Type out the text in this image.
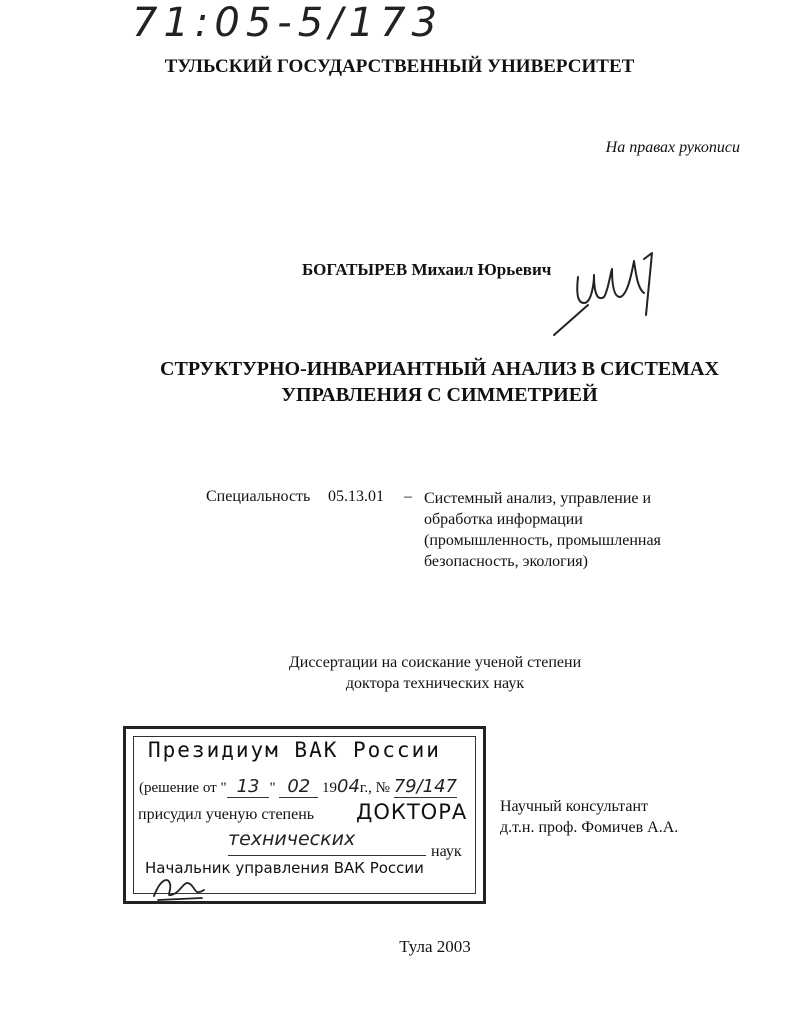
71:05-5/173
ТУЛЬСКИЙ ГОСУДАРСТВЕННЫЙ УНИВЕРСИТЕТ
На правах рукописи
БОГАТЫРЕВ Михаил Юрьевич
СТРУКТУРНО-ИНВАРИАНТНЫЙ АНАЛИЗ В СИСТЕМАХ
УПРАВЛЕНИЯ С СИММЕТРИЕЙ
Специальность 05.13.01 – Системный анализ, управление и
обработка информации
(промышленность, промышленная
безопасность, экология)
Диссертации на соискание ученой степени
доктора технических наук
Президиум ВАК России
(решение от " 13 " 02 1904г., № 79/147
присудил ученую степень ДОКТОРА
технических
наук
Начальник управления ВАК России
Научный консультант
д.т.н. проф. Фомичев А.А.
Тула 2003
